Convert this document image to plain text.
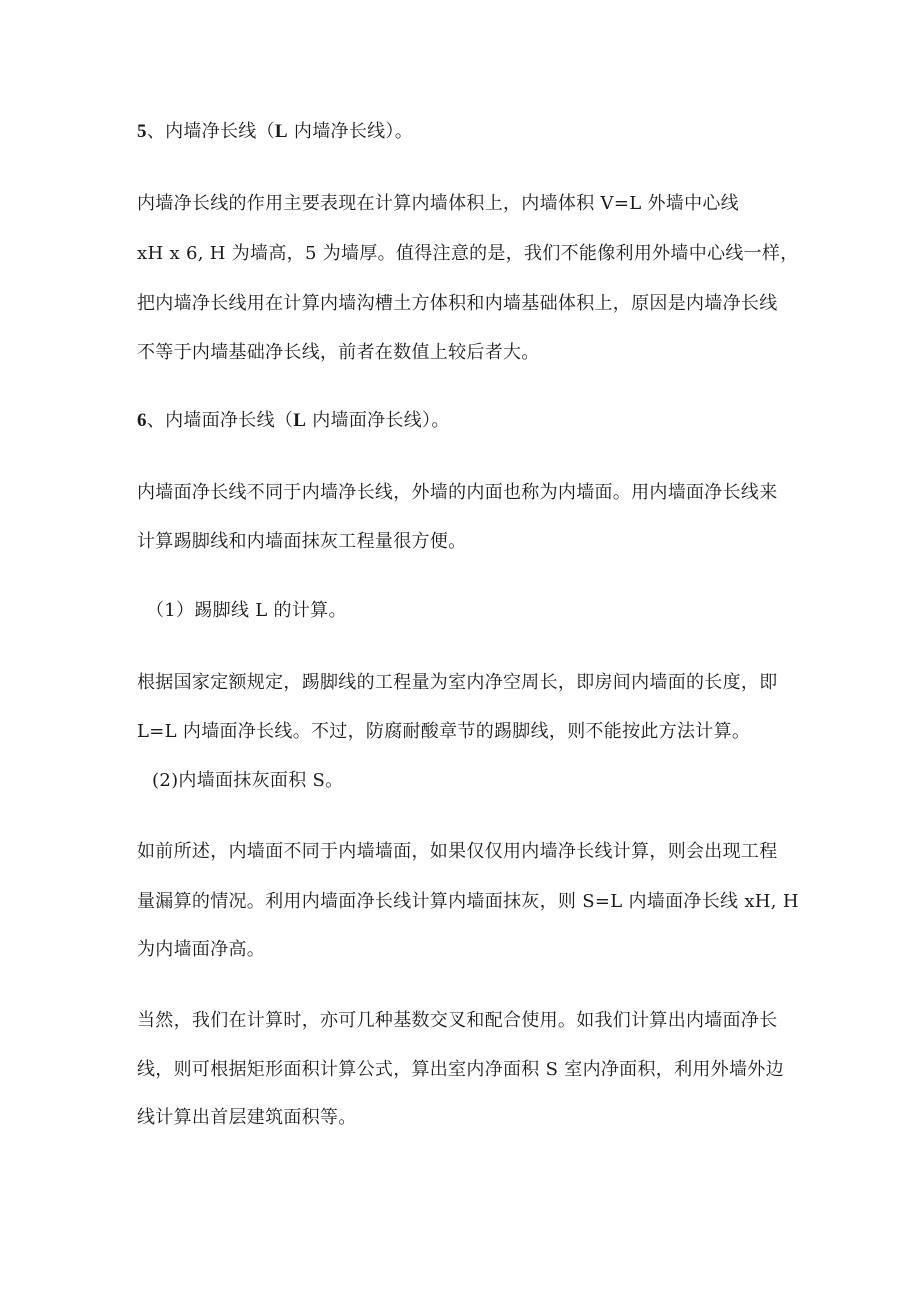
5、内墙净长线（L 内墙净长线）。
内墙净长线的作用主要表现在计算内墙体积上，内墙体积 V=L 外墙中心线
xH x 6, H 为墙高，5 为墙厚。值得注意的是，我们不能像利用外墙中心线一样，
把内墙净长线用在计算内墙沟槽土方体积和内墙基础体积上，原因是内墙净长线
不等于内墙基础净长线，前者在数值上较后者大。
6、内墙面净长线（L 内墙面净长线）。
内墙面净长线不同于内墙净长线，外墙的内面也称为内墙面。用内墙面净长线来
计算踢脚线和内墙面抹灰工程量很方便。
（1）踢脚线 L 的计算。
根据国家定额规定，踢脚线的工程量为室内净空周长，即房间内墙面的长度，即
L=L 内墙面净长线。不过，防腐耐酸章节的踢脚线，则不能按此方法计算。
(2)内墙面抹灰面积 S。
如前所述，内墙面不同于内墙墙面，如果仅仅用内墙净长线计算，则会出现工程
量漏算的情况。利用内墙面净长线计算内墙面抹灰，则 S=L 内墙面净长线 xH, H
为内墙面净高。
当然，我们在计算时，亦可几种基数交叉和配合使用。如我们计算出内墙面净长
线，则可根据矩形面积计算公式，算出室内净面积 S 室内净面积，利用外墙外边
线计算出首层建筑面积等。
